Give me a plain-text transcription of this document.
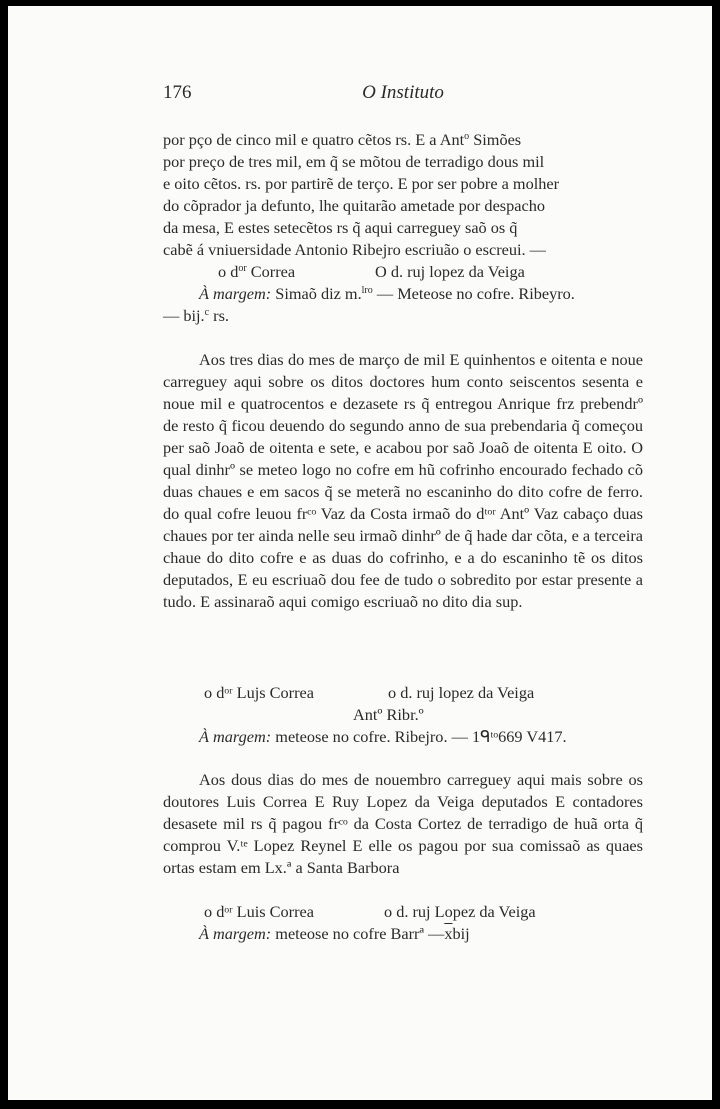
176	O Instituto

por pço de cinco mil e quatro cẽtos rs. E a Ant$^o$ Simões

por preço de tres mil, em q̃ se mõtou de terradigo dous mil

e oito cẽtos. rs. por partirẽ de terço. E por ser pobre a molher

do cõprador ja defunto, lhe quitarão ametade por despacho

da mesa, E estes setecẽtos rs q̃ aqui carreguey saõ os q̃

cabẽ á vniuersidade Antonio Ribejro escriuão o escreui. —

o $d^{or}$ Correa	O d. ruj lopez da Veiga
À margem: Simaõ diz m.$^{lro}$ — Meteose no cofre. Ribeyro.
— bij.$^c$ rs.
Aos tres dias do mes de março de mil E quinhentos e oitenta e noue carreguey aqui sobre os ditos doctores hum conto seiscentos sesenta e noue mil e quatrocentos e dezasete rs q̃ entregou Anrique frz prebendrº de resto q̃ ficou deuendo do segundo anno de sua prebendaria q̃ começou per saõ Joaõ de oitenta e sete, e acabou por saõ Joaõ de oitenta E oito. O qual dinhrº se meteo logo no cofre em hũ cofrinho encourado fechado cõ duas chaues e em sacos q̃ se meterã no escaninho do dito cofre de ferro. do qual cofre leuou frᶜᵒ Vaz da Costa irmaõ do dᵗᵒʳ Antº Vaz cabaço duas chaues por ter ainda nelle seu irmaõ dinhrº de q̃ hade dar cõta, e a terceira chaue do dito cofre e as duas do cofrinho, e a do escaninho tẽ os ditos deputados, E eu escriuaõ dou fee de tudo o sobredito por estar presente a tudo. E assinaraõ aqui comigo escriuaõ no dito dia sup.
o dᵒʳ Lujs Correa	o d. ruj lopez da Veiga
Antº Ribr.º
À margem: meteose no cofre. Ribejro. — 1ᑫᵗᵒ669 V417.
Aos dous dias do mes de nouembro carreguey aqui mais sobre os doutores Luis Correa E Ruy Lopez da Veiga deputados E contadores desasete mil rs q̃ pagou frᶜᵒ da Costa Cortez de terradigo de huã orta q̃ comprou V.ᵗᵉ Lopez Reynel E elle os pagou por sua comissaõ as quaes ortas estam em Lx.ª a Santa Barbora
o dᵒʳ Luis Correa	o d. ruj Lopez da Veiga
À margem: meteose no cofre Barrª $—\overline{x}bij$
